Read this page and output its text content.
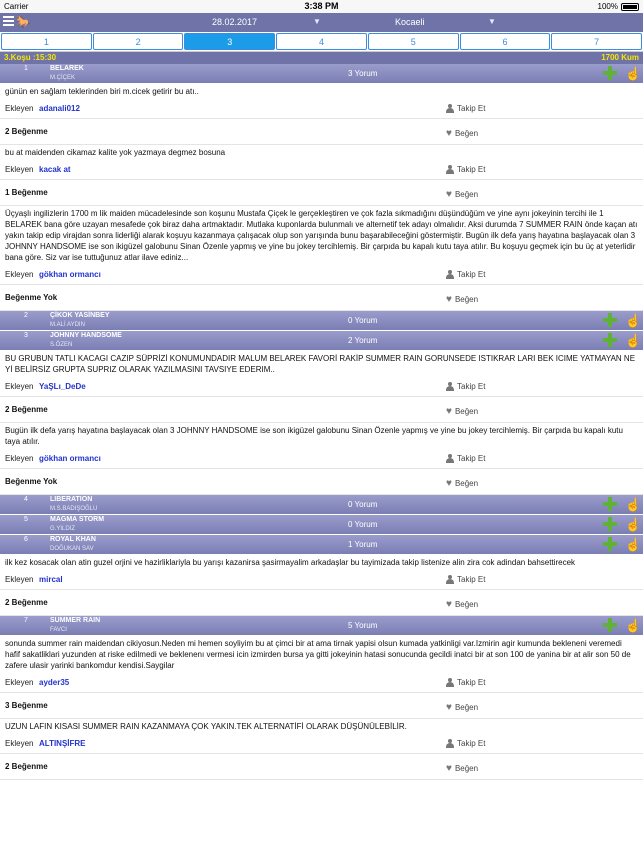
Carrier	3:38 PM	100%
🐎	28.02.2017	▼	Kocaeli	▼
1	2	3	4	5	6	7
3.Koşu :15:30	1700 Kum
1	BELAREK
M.ÇİÇEK	3 Yorum	☝
günün en sağlam teklerinden biri m.cicek getirir bu atı..
Ekleyen adanali012	Takip Et
2 Beğenme	♥ Beğen
bu at maidenden cikamaz kalite yok yazmaya degmez bosuna
Ekleyen kacak at	Takip Et
1 Beğenme	♥ Beğen
Üçyaşlı ingilizlerin 1700 m lik maiden mücadelesinde son koşunu Mustafa Çiçek le gerçekleştiren ve çok fazla sıkmadığını düşündüğüm ve yine aynı jokeyinin tercihi ile 1 BELAREK bana göre uzayan mesafede çok biraz daha artmaktadır. Mutlaka kuponlarda bulunmalı ve alternetif tek adayı olmalıdır. Aksi durumda 7 SUMMER RAIN önde kaçan atı yakın takip edip virajdan sonra liderliği alarak koşuyu kazanmaya çalışacak olup son yarışında bunu başarabileceğini göstermiştir. Bugün ilk defa yarış hayatına başlayacak olan 3 JOHNNY HANDSOME ise son ikigüzel galobunu Sinan Özenle yapmış ve yine bu jokey tercihlemiş. Bir çarpıda bu kapalı kutu taya atılır. Bu koşuyu geçmek için bu üç at yeterlidir bana göre. Siz var ise tuttuğunuz atlar ilave ediniz...
Ekleyen gökhan ormancı	Takip Et
Beğenme Yok	♥ Beğen
2	ÇİKOK YASİNBEY
M.ALİ AYDIN	0 Yorum	☝
3	JOHNNY HANDSOME
S.ÖZEN	2 Yorum	☝
BU GRUBUN TATLI KACAGI CAZIP SÜPRİZİ KONUMUNDADIR MALUM BELAREK FAVORİ RAKİP SUMMER RAIN GORUNSEDE ISTIKRAR LARI BEK ICIME YATMAYAN NE Yİ BELİRSİZ GRUPTA SUPRIZ OLARAK YAZILMASINI TAVSIYE EDERIM..
Ekleyen YaŞLı_DeDe	Takip Et
2 Beğenme	♥ Beğen
Bugün ilk defa yarış hayatına başlayacak olan 3 JOHNNY HANDSOME ise son ikigüzel galobunu Sinan Özenle yapmış ve yine bu jokey tercihlemiş. Bir çarpıda bu kapalı kutu taya atılır.
Ekleyen gökhan ormancı	Takip Et
Beğenme Yok	♥ Beğen
4	LIBERATION
M.S.BADIŞOĞLU	0 Yorum	☝
5	MAGMA STORM
G.YILDIZ	0 Yorum	☝
6	ROYAL KHAN
DOĞUKAN SAV	1 Yorum	☝
ilk kez kosacak olan atin guzel orjini ve hazirliklariyla bu yarışı kazanirsa şasirmayalim arkadaşlar bu tayimizada takip listenize alin zira cok adindan bahsettirecek
Ekleyen mircal	Takip Et
2 Beğenme	♥ Beğen
7	SUMMER RAIN
FAVCI	5 Yorum	☝
sonunda summer rain maidendan cikiyosun.Neden mi hemen soyliyim bu at çimci bir at ama tirnak yapisi olsun kumada yatkinligi var.Izmirin agir kumunda bekleneni veremedi hafif sakatliklari yuzunden at riske edilmedi ve beklenenı vermesi icin izmirden bursa ya gitti jokeyinin hatasi sonucunda gecildi inatci bir at son 100 de yanina bir at alir son 50 de zafere ulasir yarinki bankomdur kendisi.Saygilar
Ekleyen ayder35	Takip Et
3 Beğenme	♥ Beğen
UZUN LAFIN KISASI SUMMER RAIN KAZANMAYA ÇOK YAKIN.TEK ALTERNATİFİ OLARAK DÜŞÜNÜLEBİLİR.
Ekleyen ALTINŞİFRE	Takip Et
2 Beğenme	♥ Beğen
